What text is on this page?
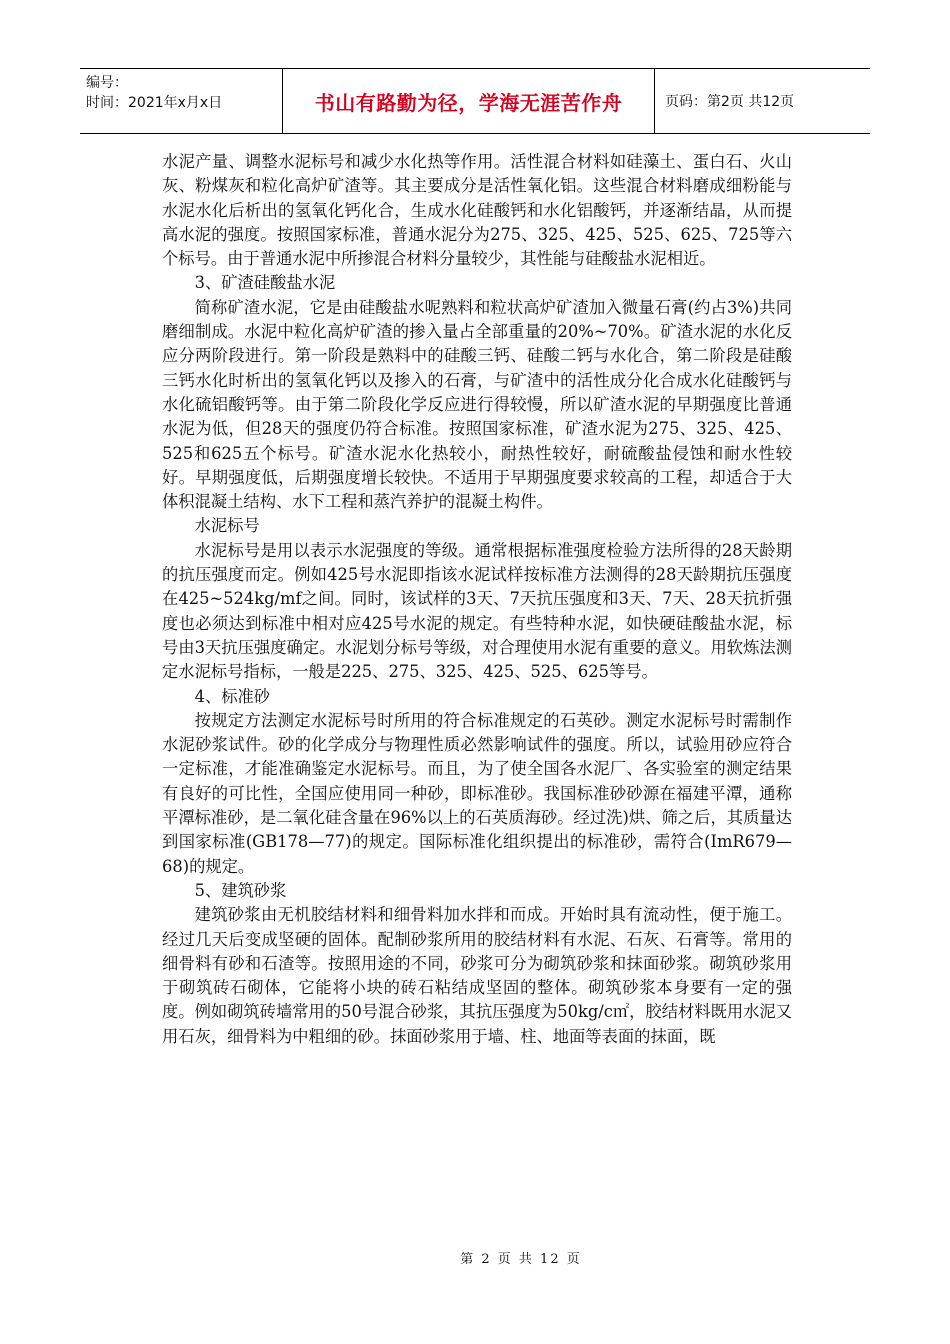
编号：
时间：2021年x月x日	书山有路勤为径，学海无涯苦作舟	页码：第2页 共12页

水泥产量、调整水泥标号和减少水化热等作用。活性混合材料如硅藻土、蛋白石、火山灰、粉煤灰和粒化高炉矿渣等。其主要成分是活性氧化铝。这些混合材料磨成细粉能与水泥水化后析出的氢氧化钙化合，生成水化硅酸钙和水化铝酸钙，并逐渐结晶，从而提高水泥的强度。按照国家标准，普通水泥分为275、325、425、525、625、725等六个标号。由于普通水泥中所掺混合材料分量较少，其性能与硅酸盐水泥相近。

3、矿渣硅酸盐水泥

简称矿渣水泥，它是由硅酸盐水呢熟料和粒状高炉矿渣加入微量石膏(约占3%)共同磨细制成。水泥中粒化高炉矿渣的掺入量占全部重量的20%~70%。矿渣水泥的水化反应分两阶段进行。第一阶段是熟料中的硅酸三钙、硅酸二钙与水化合，第二阶段是硅酸三钙水化时析出的氢氧化钙以及掺入的石膏，与矿渣中的活性成分化合成水化硅酸钙与水化硫铝酸钙等。由于第二阶段化学反应进行得较慢，所以矿渣水泥的早期强度比普通水泥为低，但28天的强度仍符合标准。按照国家标准，矿渣水泥为275、325、425、525和625五个标号。矿渣水泥水化热较小，耐热性较好，耐硫酸盐侵蚀和耐水性较好。早期强度低，后期强度增长较快。不适用于早期强度要求较高的工程，却适合于大体积混凝土结构、水下工程和蒸汽养护的混凝土构件。

水泥标号

水泥标号是用以表示水泥强度的等级。通常根据标准强度检验方法所得的28天龄期的抗压强度而定。例如425号水泥即指该水泥试样按标准方法测得的28天龄期抗压强度在425~524kg/mf之间。同时，该试样的3天、7天抗压强度和3天、7天、28天抗折强度也必须达到标准中相对应425号水泥的规定。有些特种水泥，如快硬硅酸盐水泥，标号由3天抗压强度确定。水泥划分标号等级，对合理使用水泥有重要的意义。用软炼法测定水泥标号指标，一般是225、275、325、425、525、625等号。

4、标准砂

按规定方法测定水泥标号时所用的符合标准规定的石英砂。测定水泥标号时需制作水泥砂浆试件。砂的化学成分与物理性质必然影响试件的强度。所以，试验用砂应符合一定标准，才能准确鉴定水泥标号。而且，为了使全国各水泥厂、各实验室的测定结果有良好的可比性，全国应使用同一种砂，即标准砂。我国标准砂砂源在福建平潭，通称平潭标准砂，是二氧化硅含量在96%以上的石英质海砂。经过洗)烘、筛之后，其质量达到国家标准(GB178—77)的规定。国际标准化组织提出的标准砂，需符合(ImR679—68)的规定。

5、建筑砂浆

建筑砂浆由无机胶结材料和细骨料加水拌和而成。开始时具有流动性，便于施工。经过几天后变成坚硬的固体。配制砂浆所用的胶结材料有水泥、石灰、石膏等。常用的细骨料有砂和石渣等。按照用途的不同，砂浆可分为砌筑砂浆和抹面砂浆。砌筑砂浆用于砌筑砖石砌体，它能将小块的砖石粘结成坚固的整体。砌筑砂浆本身要有一定的强度。例如砌筑砖墙常用的50号混合砂浆，其抗压强度为50kg/c㎡，胶结材料既用水泥又用石灰，细骨料为中粗细的砂。抹面砂浆用于墙、柱、地面等表面的抹面，既

第 2 页 共 12 页
